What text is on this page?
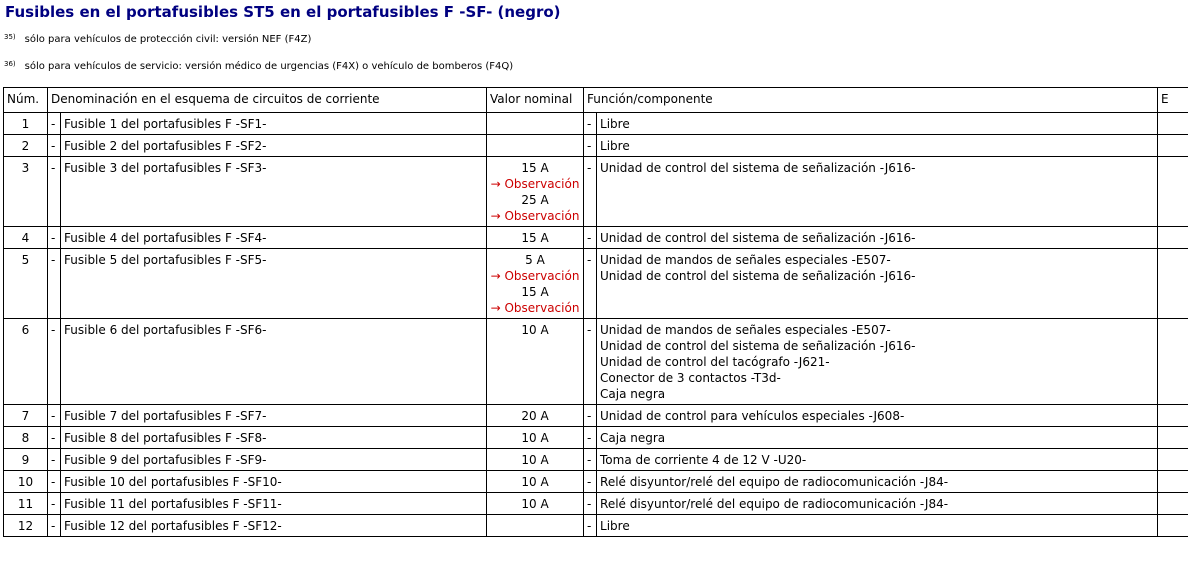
Fusibles en el portafusibles ST5 en el portafusibles F -SF- (negro)
$^{35)}$ sólo para vehículos de protección civil: versión NEF (F4Z)
$^{36)}$ sólo para vehículos de servicio: versión médico de urgencias (F4X) o vehículo de bomberos (F4Q)
Núm.	Denominación en el esquema de circuitos de corriente		Valor nominal	Función/componente		E
1	-	Fusible 1 del portafusibles F -SF1-		-	Libre	

2	-	Fusible 2 del portafusibles F -SF2-		-	Libre	

3	-	Fusible 3 del portafusibles F -SF3-	15 A
→ Observación
25 A
→ Observación	-	Unidad de control del sistema de señalización -J616-	

4	-	Fusible 4 del portafusibles F -SF4-	15 A	-	Unidad de control del sistema de señalización -J616-	

5	-	Fusible 5 del portafusibles F -SF5-	5 A
→ Observación
15 A
→ Observación	-	Unidad de mandos de señales especiales -E507-
Unidad de control del sistema de señalización -J616-	

6	-	Fusible 6 del portafusibles F -SF6-	10 A	-	Unidad de mandos de señales especiales -E507-
Unidad de control del sistema de señalización -J616-
Unidad de control del tacógrafo -J621-
Conector de 3 contactos -T3d-
Caja negra	

7	-	Fusible 7 del portafusibles F -SF7-	20 A	-	Unidad de control para vehículos especiales -J608-	

8	-	Fusible 8 del portafusibles F -SF8-	10 A	-	Caja negra	

9	-	Fusible 9 del portafusibles F -SF9-	10 A	-	Toma de corriente 4 de 12 V -U20-	

10	-	Fusible 10 del portafusibles F -SF10-	10 A	-	Relé disyuntor/relé del equipo de radiocomunicación -J84-	

11	-	Fusible 11 del portafusibles F -SF11-	10 A	-	Relé disyuntor/relé del equipo de radiocomunicación -J84-	

12	-	Fusible 12 del portafusibles F -SF12-		-	Libre	
